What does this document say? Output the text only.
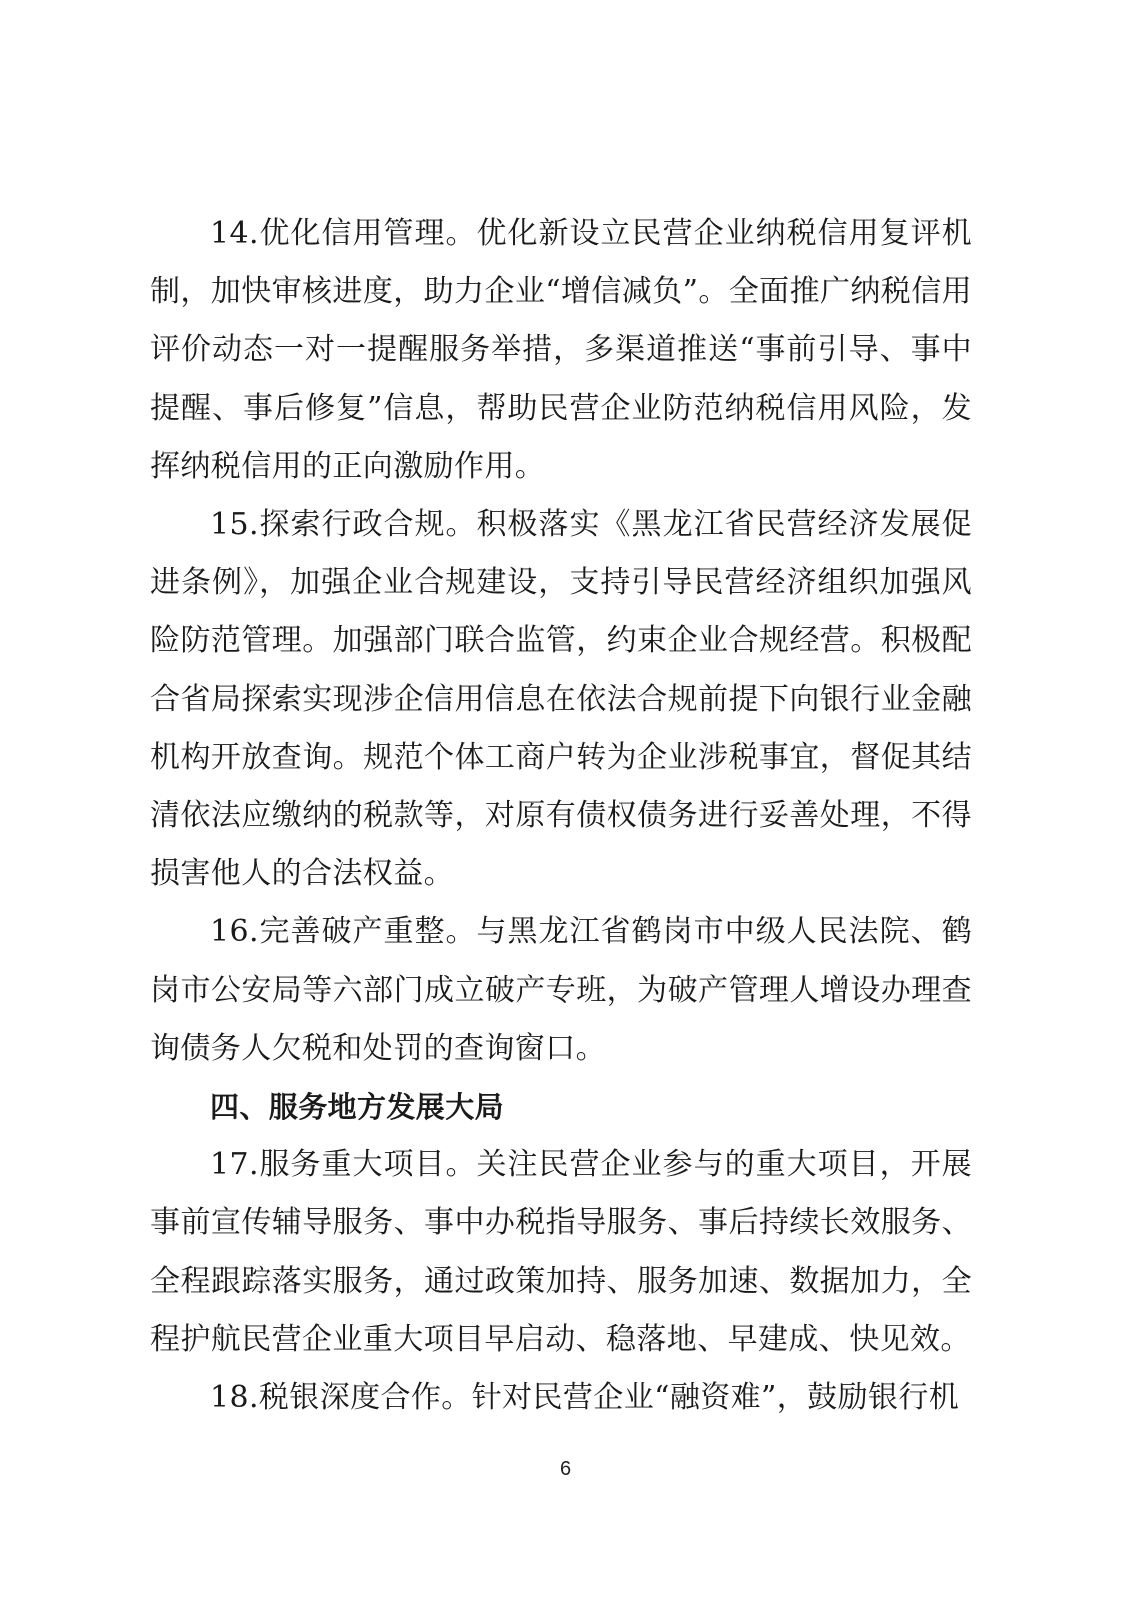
14.优化信用管理。优化新设立民营企业纳税信用复评机制，加快审核进度，助力企业“增信减负”。全面推广纳税信用评价动态一对一提醒服务举措，多渠道推送“事前引导、事中提醒、事后修复”信息，帮助民营企业防范纳税信用风险，发挥纳税信用的正向激励作用。

15.探索行政合规。积极落实《黑龙江省民营经济发展促进条例》，加强企业合规建设，支持引导民营经济组织加强风险防范管理。加强部门联合监管，约束企业合规经营。积极配合省局探索实现涉企信用信息在依法合规前提下向银行业金融机构开放查询。规范个体工商户转为企业涉税事宜，督促其结清依法应缴纳的税款等，对原有债权债务进行妥善处理，不得损害他人的合法权益。

16.完善破产重整。与黑龙江省鹤岗市中级人民法院、鹤岗市公安局等六部门成立破产专班，为破产管理人增设办理查询债务人欠税和处罚的查询窗口。

四、服务地方发展大局

17.服务重大项目。关注民营企业参与的重大项目，开展事前宣传辅导服务、事中办税指导服务、事后持续长效服务、全程跟踪落实服务，通过政策加持、服务加速、数据加力，全程护航民营企业重大项目早启动、稳落地、早建成、快见效。

18.税银深度合作。针对民营企业“融资难”，鼓励银行机

6
